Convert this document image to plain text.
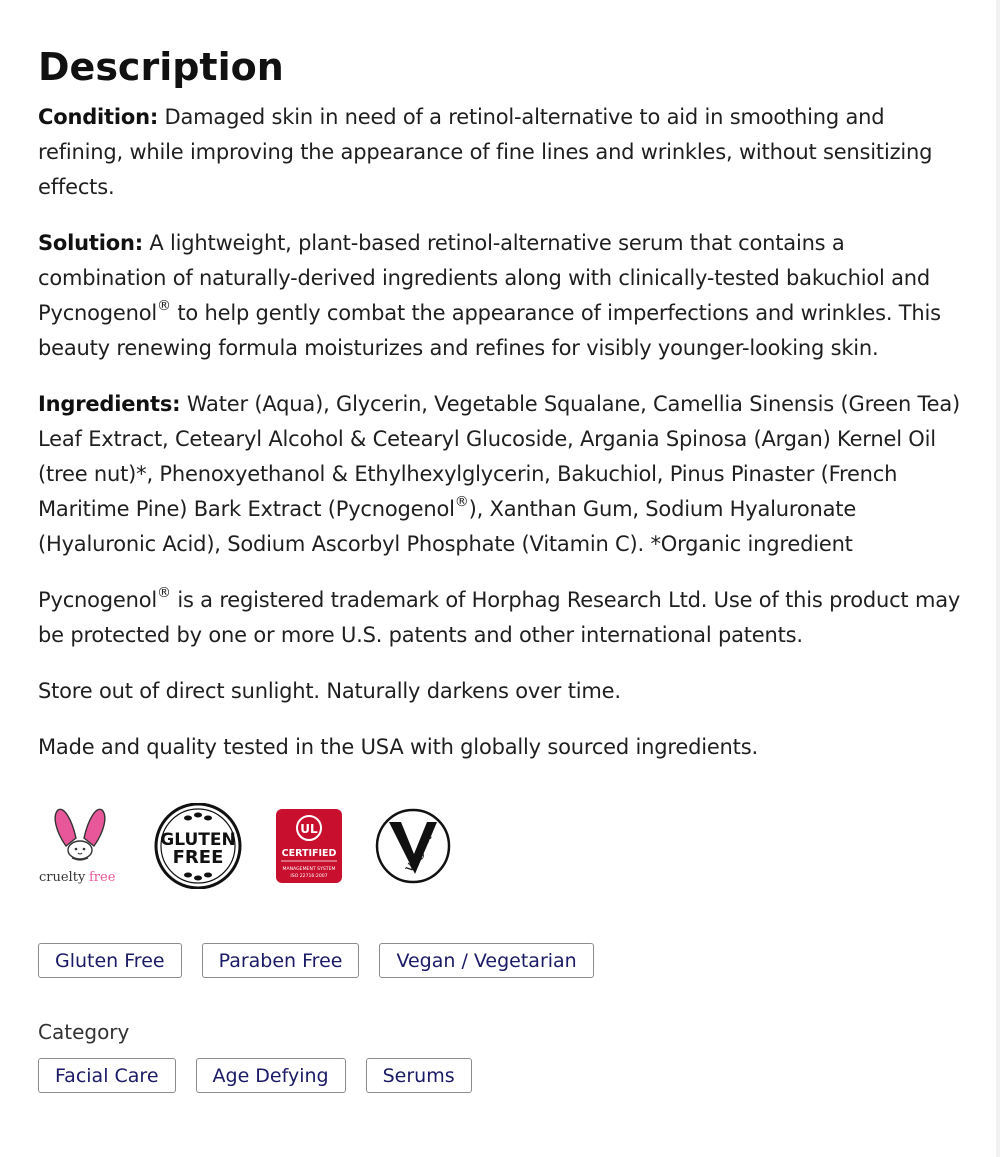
Description

Condition: Damaged skin in need of a retinol-alternative to aid in smoothing and refining, while improving the appearance of fine lines and wrinkles, without sensitizing effects.

Solution: A lightweight, plant-based retinol-alternative serum that contains a combination of naturally-derived ingredients along with clinically-tested bakuchiol and Pycnogenol® to help gently combat the appearance of imperfections and wrinkles. This beauty renewing formula moisturizes and refines for visibly younger-looking skin.

Ingredients: Water (Aqua), Glycerin, Vegetable Squalane, Camellia Sinensis (Green Tea) Leaf Extract, Cetearyl Alcohol & Cetearyl Glucoside, Argania Spinosa (Argan) Kernel Oil (tree nut)*, Phenoxyethanol & Ethylhexylglycerin, Bakuchiol, Pinus Pinaster (French Maritime Pine) Bark Extract (Pycnogenol®), Xanthan Gum, Sodium Hyaluronate (Hyaluronic Acid), Sodium Ascorbyl Phosphate (Vitamin C). *Organic ingredient

Pycnogenol® is a registered trademark of Horphag Research Ltd. Use of this product may be protected by one or more U.S. patents and other international patents.

Store out of direct sunlight. Naturally darkens over time.

Made and quality tested in the USA with globally sourced ingredients.

cruelty free
GLUTEN
FREE
UL
CERTIFIED
MANAGEMENT SYSTEM
ISO 22716:2007
vegan
Gluten Free	Paraben Free	Vegan / Vegetarian
Category
Facial Care	Age Defying	Serums
